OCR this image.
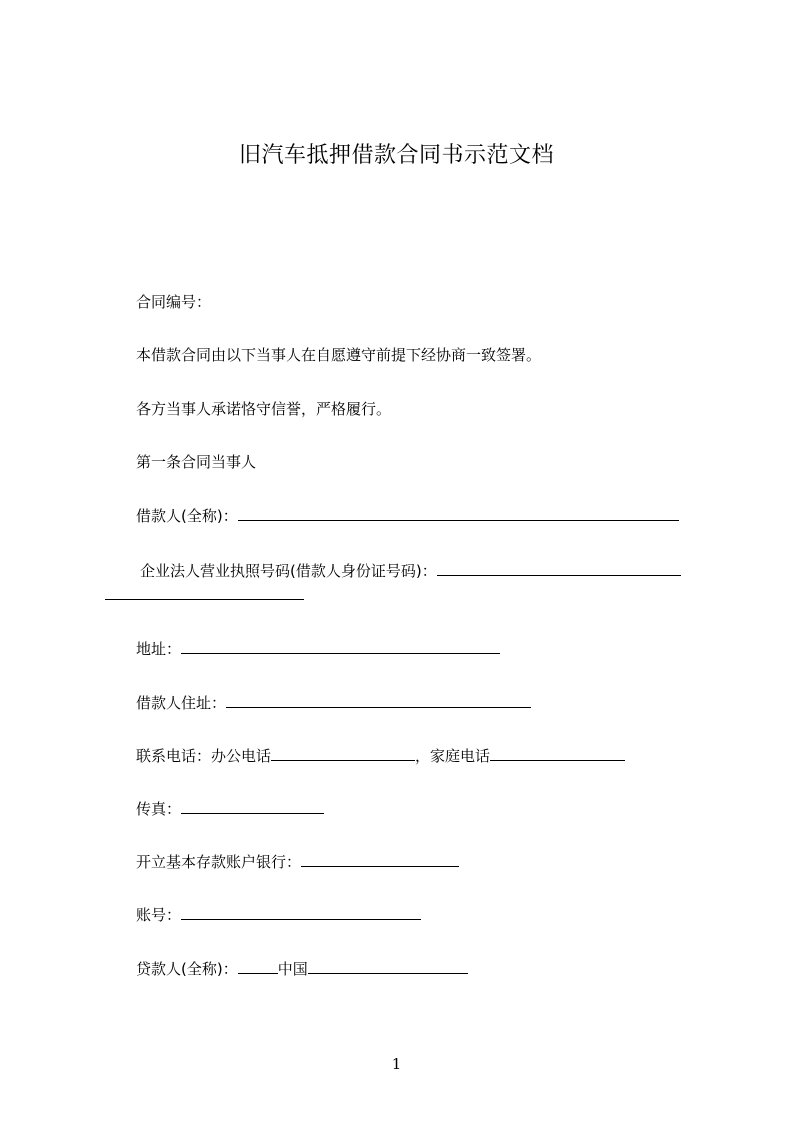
旧汽车抵押借款合同书示范文档
合同编号：
本借款合同由以下当事人在自愿遵守前提下经协商一致签署。
各方当事人承诺恪守信誉，严格履行。
第一条合同当事人
借款人(全称)：
企业法人营业执照号码(借款人身份证号码)：
地址：
借款人住址：
联系电话：办公电话	，家庭电话
传真：
开立基本存款账户银行：
账号：
贷款人(全称)：	中国
1
